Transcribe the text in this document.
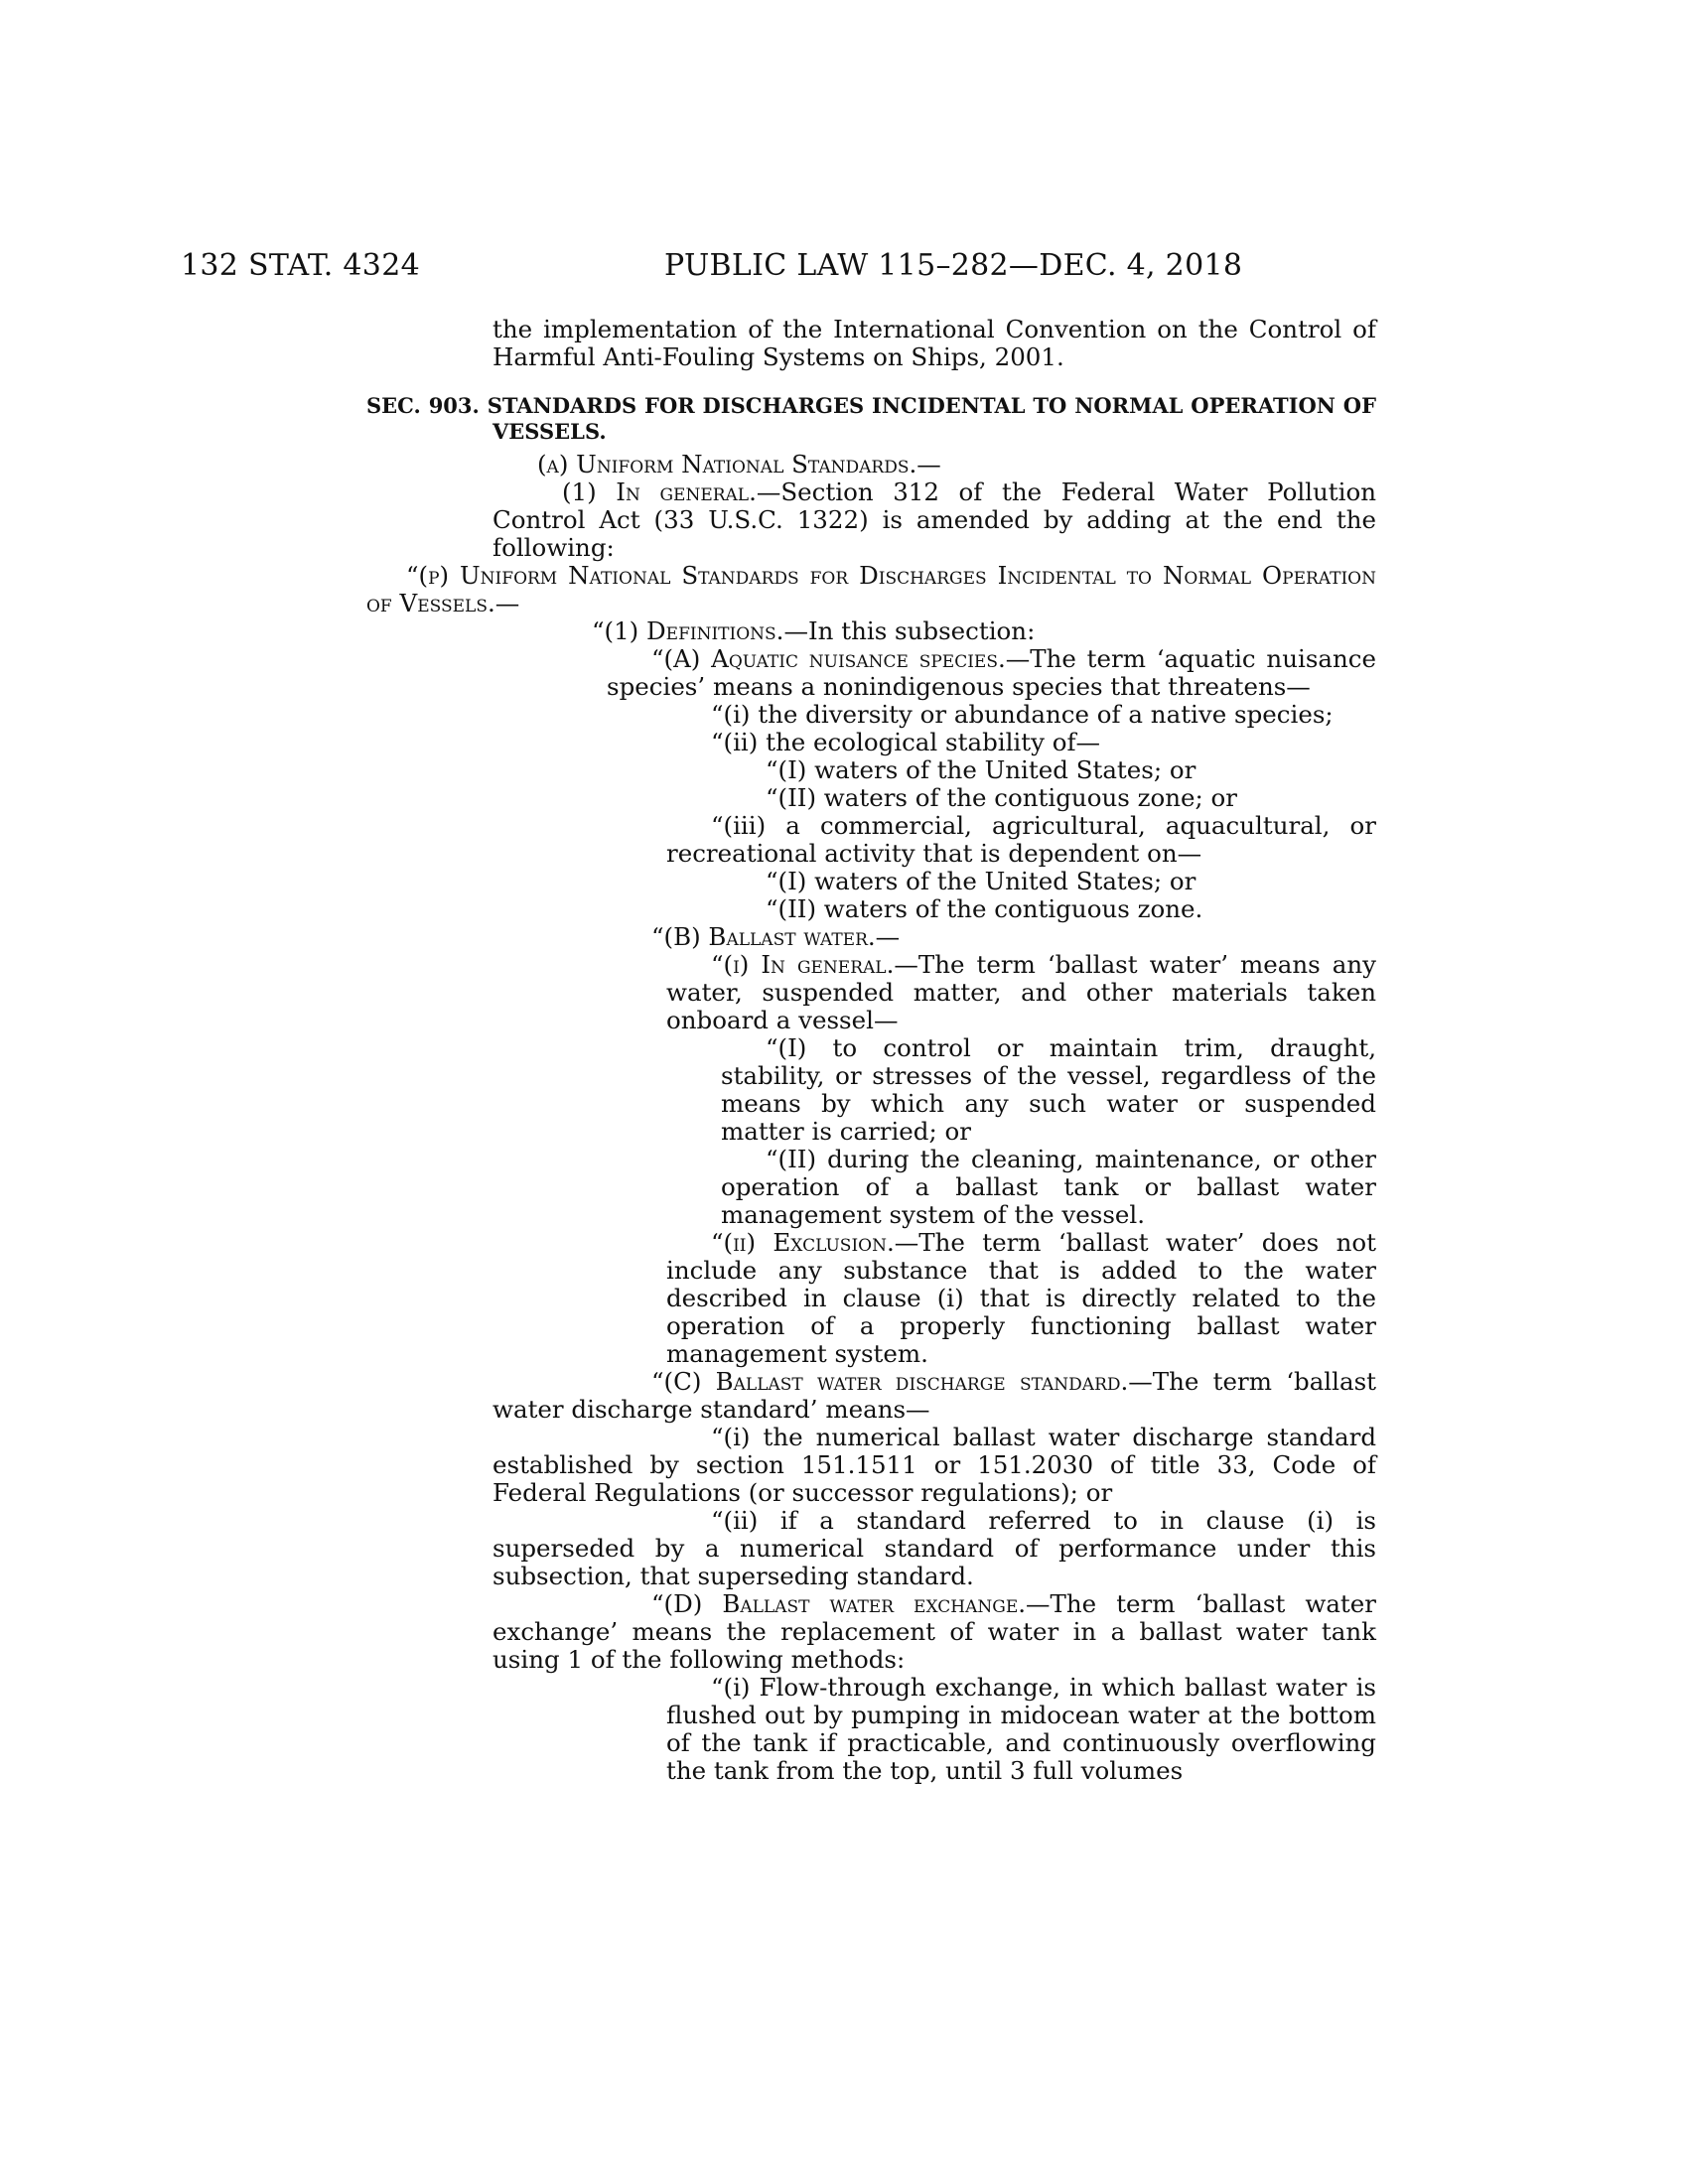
132 STAT. 4324	PUBLIC LAW 115–282—DEC. 4, 2018

the implementation of the International Convention on the Control of Harmful Anti-Fouling Systems on Ships, 2001.

SEC. 903. STANDARDS FOR DISCHARGES INCIDENTAL TO NORMAL OPERATION OF VESSELS.

(a) Uniform National Standards.—

(1) In general.—Section 312 of the Federal Water Pollution Control Act (33 U.S.C. 1322) is amended by adding at the end the following:

“(p) Uniform National Standards for Discharges Incidental to Normal Operation of Vessels.—

“(1) Definitions.—In this subsection:

“(A) Aquatic nuisance species.—The term ‘aquatic nuisance species’ means a nonindigenous species that threatens—

“(i) the diversity or abundance of a native species;

“(ii) the ecological stability of—

“(I) waters of the United States; or

“(II) waters of the contiguous zone; or

“(iii) a commercial, agricultural, aquacultural, or recreational activity that is dependent on—

“(I) waters of the United States; or

“(II) waters of the contiguous zone.

“(B) Ballast water.—

“(i) In general.—The term ‘ballast water’ means any water, suspended matter, and other materials taken onboard a vessel—

“(I) to control or maintain trim, draught, stability, or stresses of the vessel, regardless of the means by which any such water or suspended matter is carried; or

“(II) during the cleaning, maintenance, or other operation of a ballast tank or ballast water management system of the vessel.

“(ii) Exclusion.—The term ‘ballast water’ does not include any substance that is added to the water described in clause (i) that is directly related to the operation of a properly functioning ballast water management system.

“(C) Ballast water discharge standard.—The term ‘ballast water discharge standard’ means—

“(i) the numerical ballast water discharge standard established by section 151.1511 or 151.2030 of title 33, Code of Federal Regulations (or successor regulations); or

“(ii) if a standard referred to in clause (i) is superseded by a numerical standard of performance under this subsection, that superseding standard.

“(D) Ballast water exchange.—The term ‘ballast water exchange’ means the replacement of water in a ballast water tank using 1 of the following methods:

“(i) Flow-through exchange, in which ballast water is flushed out by pumping in midocean water at the bottom of the tank if practicable, and continuously overflowing the tank from the top, until 3 full volumes
